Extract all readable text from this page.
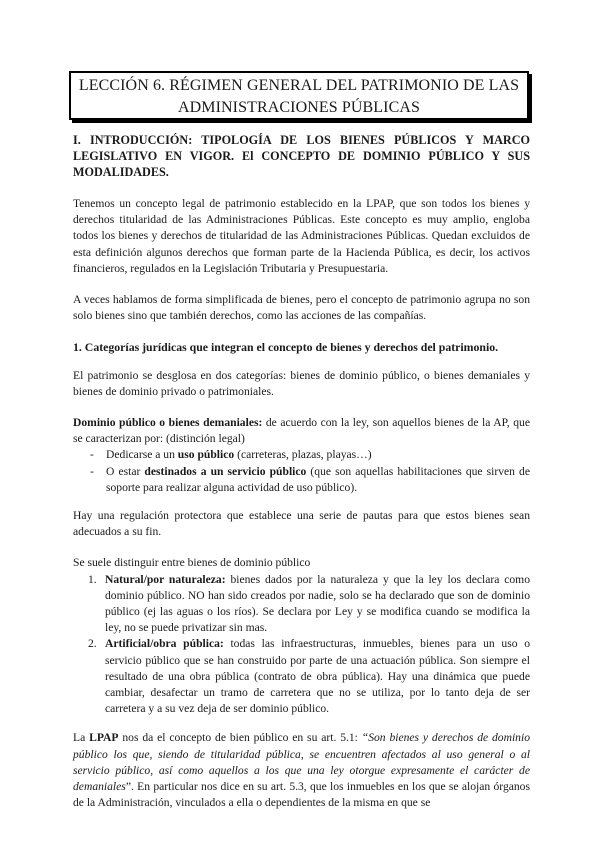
LECCIÓN 6. RÉGIMEN GENERAL DEL PATRIMONIO DE LAS ADMINISTRACIONES PÚBLICAS

I. INTRODUCCIÓN: TIPOLOGÍA DE LOS BIENES PÚBLICOS Y MARCO LEGISLATIVO EN VIGOR. El CONCEPTO DE DOMINIO PÚBLICO Y SUS MODALIDADES.

Tenemos un concepto legal de patrimonio establecido en la LPAP, que son todos los bienes y derechos titularidad de las Administraciones Públicas. Este concepto es muy amplio, engloba todos los bienes y derechos de titularidad de las Administraciones Públicas. Quedan excluidos de esta definición algunos derechos que forman parte de la Hacienda Pública, es decir, los activos financieros, regulados en la Legislación Tributaria y Presupuestaria.

A veces hablamos de forma simplificada de bienes, pero el concepto de patrimonio agrupa no son solo bienes sino que también derechos, como las acciones de las compañías.

1. Categorías jurídicas que integran el concepto de bienes y derechos del patrimonio.

El patrimonio se desglosa en dos categorías: bienes de dominio público, o bienes demaniales y bienes de dominio privado o patrimoniales.

Dominio público o bienes demaniales: de acuerdo con la ley, son aquellos bienes de la AP, que se caracterizan por: (distinción legal)

- Dedicarse a un uso público (carreteras, plazas, playas…)
- O estar destinados a un servicio público (que son aquellas habilitaciones que sirven de soporte para realizar alguna actividad de uso público).

Hay una regulación protectora que establece una serie de pautas para que estos bienes sean adecuados a su fin.

Se suele distinguir entre bienes de dominio público

1. Natural/por naturaleza: bienes dados por la naturaleza y que la ley los declara como dominio público. NO han sido creados por nadie, solo se ha declarado que son de dominio público (ej las aguas o los ríos). Se declara por Ley y se modifica cuando se modifica la ley, no se puede privatizar sin mas.
2. Artificial/obra pública: todas las infraestructuras, inmuebles, bienes para un uso o servicio público que se han construido por parte de una actuación pública. Son siempre el resultado de una obra pública (contrato de obra pública). Hay una dinámica que puede cambiar, desafectar un tramo de carretera que no se utiliza, por lo tanto deja de ser carretera y a su vez deja de ser dominio público.

La LPAP nos da el concepto de bien público en su art. 5.1: “Son bienes y derechos de dominio público los que, siendo de titularidad pública, se encuentren afectados al uso general o al servicio público, así como aquellos a los que una ley otorgue expresamente el carácter de demaniales”. En particular nos dice en su art. 5.3, que los inmuebles en los que se alojan órganos de la Administración, vinculados a ella o dependientes de la misma en que se
